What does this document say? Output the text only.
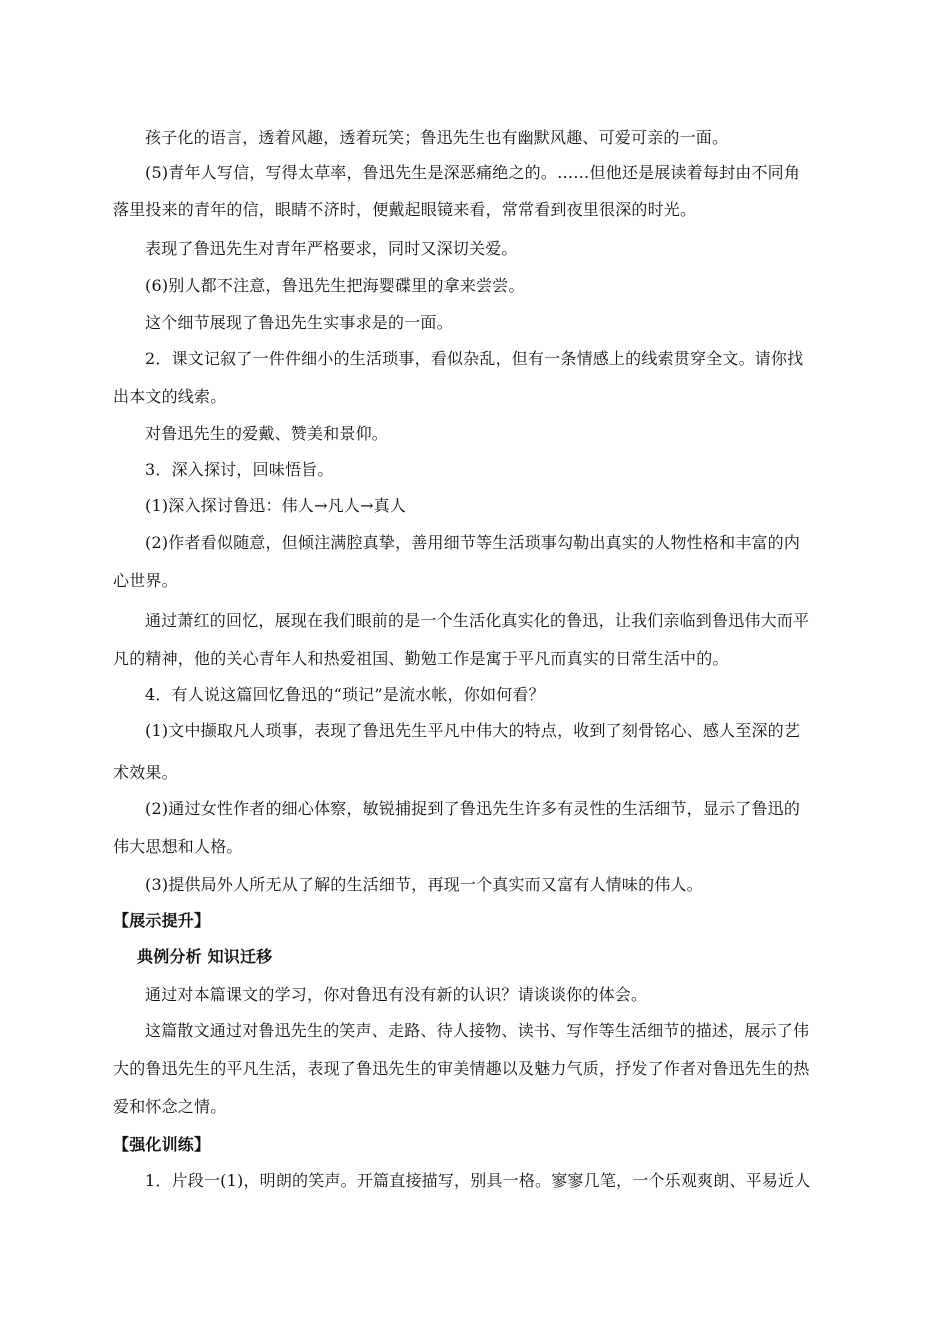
孩子化的语言，透着风趣，透着玩笑；鲁迅先生也有幽默风趣、可爱可亲的一面。
(5)青年人写信，写得太草率，鲁迅先生是深恶痛绝之的。……但他还是展读着每封由不同角
落里投来的青年的信，眼睛不济时，便戴起眼镜来看，常常看到夜里很深的时光。
表现了鲁迅先生对青年严格要求，同时又深切关爱。
(6)别人都不注意，鲁迅先生把海婴碟里的拿来尝尝。
这个细节展现了鲁迅先生实事求是的一面。
2．课文记叙了一件件细小的生活琐事，看似杂乱，但有一条情感上的线索贯穿全文。请你找
出本文的线索。
对鲁迅先生的爱戴、赞美和景仰。
3．深入探讨，回味悟旨。
(1)深入探讨鲁迅：伟人→凡人→真人
(2)作者看似随意，但倾注满腔真挚，善用细节等生活琐事勾勒出真实的人物性格和丰富的内
心世界。
通过萧红的回忆，展现在我们眼前的是一个生活化真实化的鲁迅，让我们亲临到鲁迅伟大而平
凡的精神，他的关心青年人和热爱祖国、勤勉工作是寓于平凡而真实的日常生活中的。
4．有人说这篇回忆鲁迅的“琐记”是流水帐，你如何看？
(1)文中撷取凡人琐事，表现了鲁迅先生平凡中伟大的特点，收到了刻骨铭心、感人至深的艺
术效果。
(2)通过女性作者的细心体察，敏锐捕捉到了鲁迅先生许多有灵性的生活细节，显示了鲁迅的
伟大思想和人格。
(3)提供局外人所无从了解的生活细节，再现一个真实而又富有人情味的伟人。
【展示提升】
典例分析 知识迁移
通过对本篇课文的学习，你对鲁迅有没有新的认识？请谈谈你的体会。
这篇散文通过对鲁迅先生的笑声、走路、待人接物、读书、写作等生活细节的描述，展示了伟
大的鲁迅先生的平凡生活，表现了鲁迅先生的审美情趣以及魅力气质，抒发了作者对鲁迅先生的热
爱和怀念之情。
【强化训练】
1．片段一(1)，明朗的笑声。开篇直接描写，别具一格。寥寥几笔，一个乐观爽朗、平易近人
